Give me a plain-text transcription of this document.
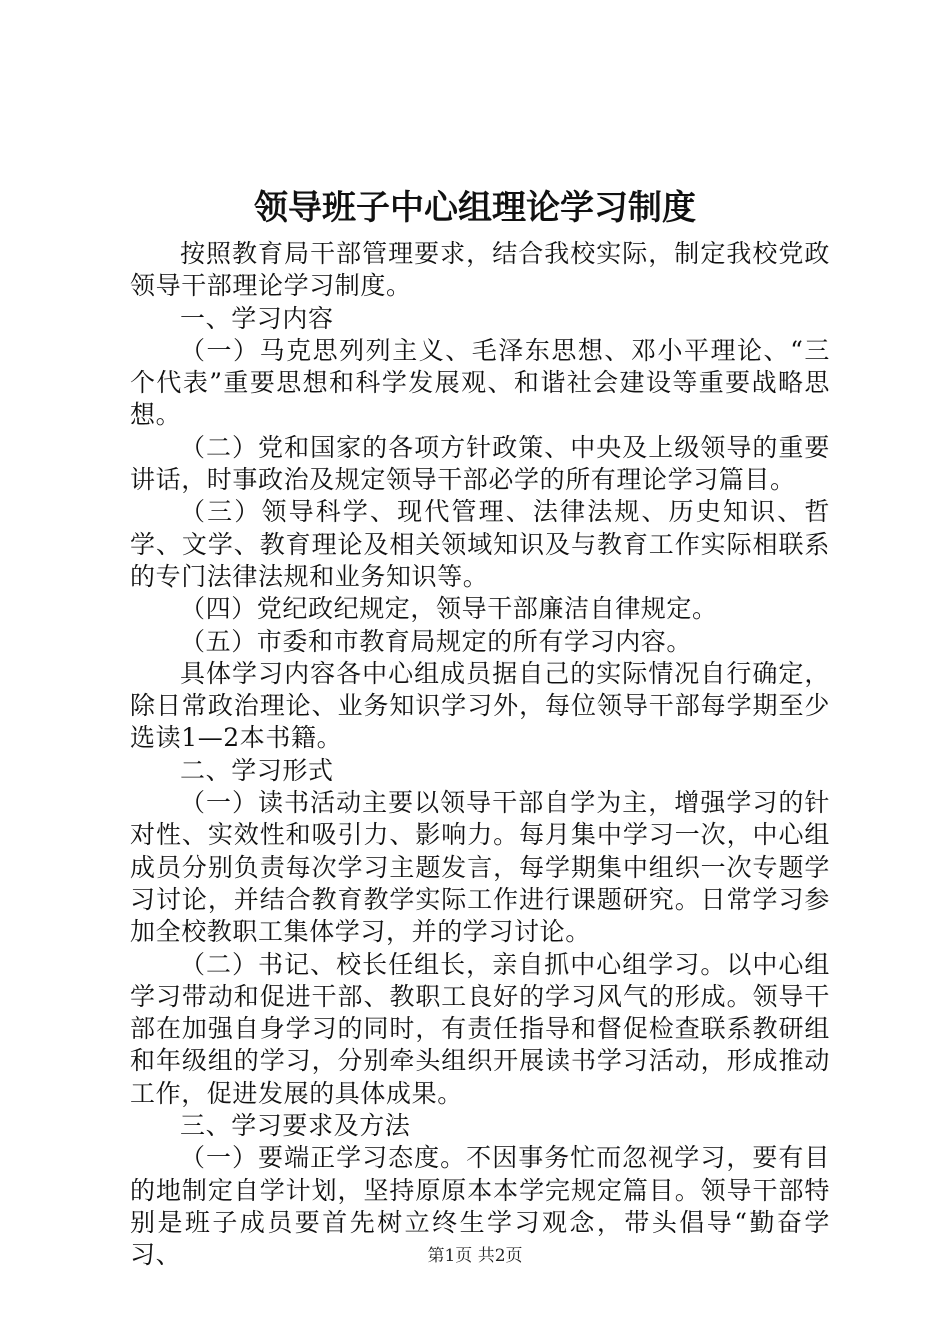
领导班子中心组理论学习制度

按照教育局干部管理要求，结合我校实际，制定我校党政领导干部理论学习制度。

一、学习内容

（一）马克思列列主义、毛泽东思想、邓小平理论、“三个代表”重要思想和科学发展观、和谐社会建设等重要战略思想。

（二）党和国家的各项方针政策、中央及上级领导的重要讲话，时事政治及规定领导干部必学的所有理论学习篇目。

（三）领导科学、现代管理、法律法规、历史知识、哲学、文学、教育理论及相关领域知识及与教育工作实际相联系的专门法律法规和业务知识等。

（四）党纪政纪规定，领导干部廉洁自律规定。

（五）市委和市教育局规定的所有学习内容。

具体学习内容各中心组成员据自己的实际情况自行确定，除日常政治理论、业务知识学习外，每位领导干部每学期至少选读1—2本书籍。

二、学习形式

（一）读书活动主要以领导干部自学为主，增强学习的针对性、实效性和吸引力、影响力。每月集中学习一次，中心组成员分别负责每次学习主题发言，每学期集中组织一次专题学习讨论，并结合教育教学实际工作进行课题研究。日常学习参加全校教职工集体学习，并的学习讨论。

（二）书记、校长任组长，亲自抓中心组学习。以中心组学习带动和促进干部、教职工良好的学习风气的形成。领导干部在加强自身学习的同时，有责任指导和督促检查联系教研组和年级组的学习，分别牵头组织开展读书学习活动，形成推动工作，促进发展的具体成果。

三、学习要求及方法

（一）要端正学习态度。不因事务忙而忽视学习，要有目的地制定自学计划，坚持原原本本学完规定篇目。领导干部特别是班子成员要首先树立终生学习观念，带头倡导“勤奋学习、	第1页 共2页
